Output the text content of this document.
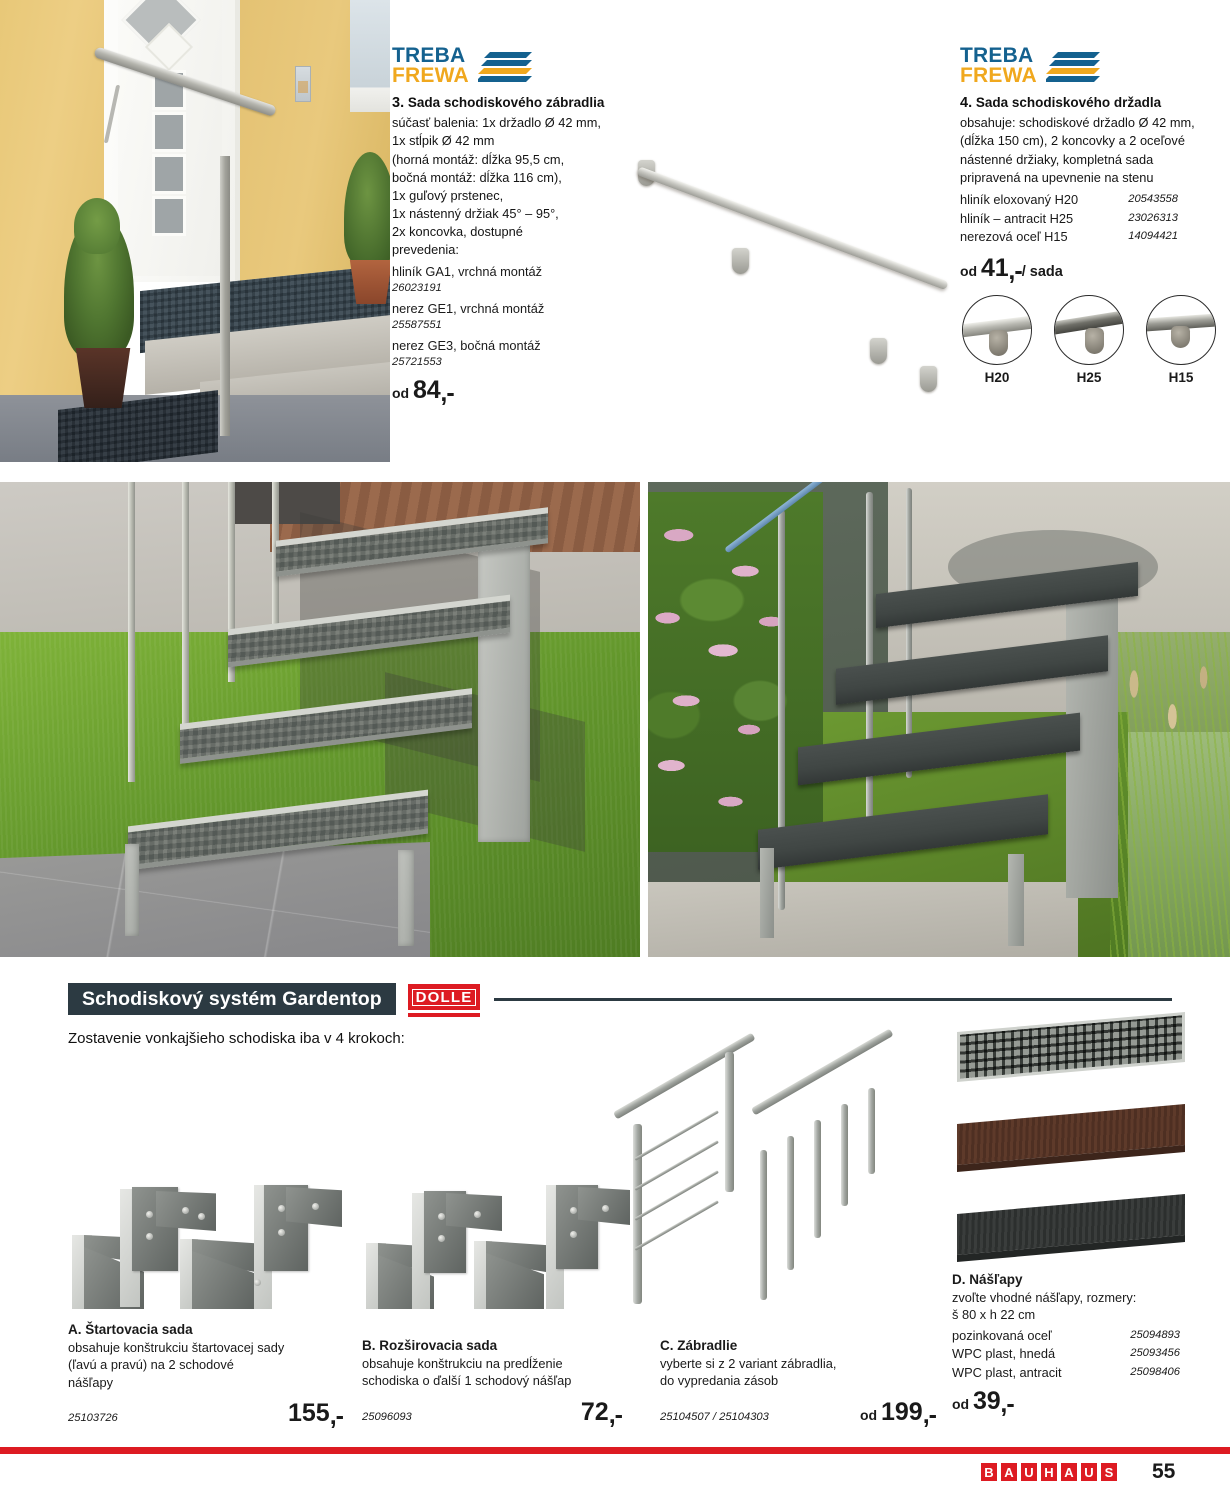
TREBA
FREWA
3. Sada schodiskového zábradlia

súčasť balenia: 1x držadlo Ø 42 mm,

1x stĺpik Ø 42 mm

(horná montáž: dĺžka 95,5 cm,

bočná montáž: dĺžka 116 cm),

1x guľový prstenec,

1x nástenný držiak 45° – 95°,

2x koncovka, dostupné

prevedenia:

hliník GA1, vrchná montáž
26023191
nerez GE1, vrchná montáž
25587551
nerez GE3, bočná montáž
25721553
od 84,-
TREBA
FREWA
4. Sada schodiskového držadla

obsahuje: schodiskové držadlo Ø 42 mm,

(dĺžka 150 cm), 2 koncovky a 2 oceľové

nástenné držiaky, kompletná sada

pripravená na upevnenie na stenu

hliník eloxovaný H20	20543558
hliník – antracit H25	23026313
nerezová oceľ H15	14094421
od 41,-/ sada
H20	H25	H15
Schodiskový systém Gardentop DOLLE
Zostavenie vonkajšieho schodiska iba v 4 krokoch:
A. Štartovacia sada
obsahuje konštrukciu štartovacej sady
(ľavú a pravú) na 2 schodové
nášľapy
25103726	155,-
B. Rozširovacia sada
obsahuje konštrukciu na predĺženie
schodiska o ďalší 1 schodový nášľap
25096093	72,-
C. Zábradlie
vyberte si z 2 variant zábradlia,
do vypredania zásob
25104507 / 25104303	od 199,-
D. Nášľapy
zvoľte vhodné nášľapy, rozmery:
š 80 x h 22 cm
pozinkovaná oceľ	25094893
WPC plast, hnedá	25093456
WPC plast, antracit	25098406
od 39,-
B A U H A U S 55
